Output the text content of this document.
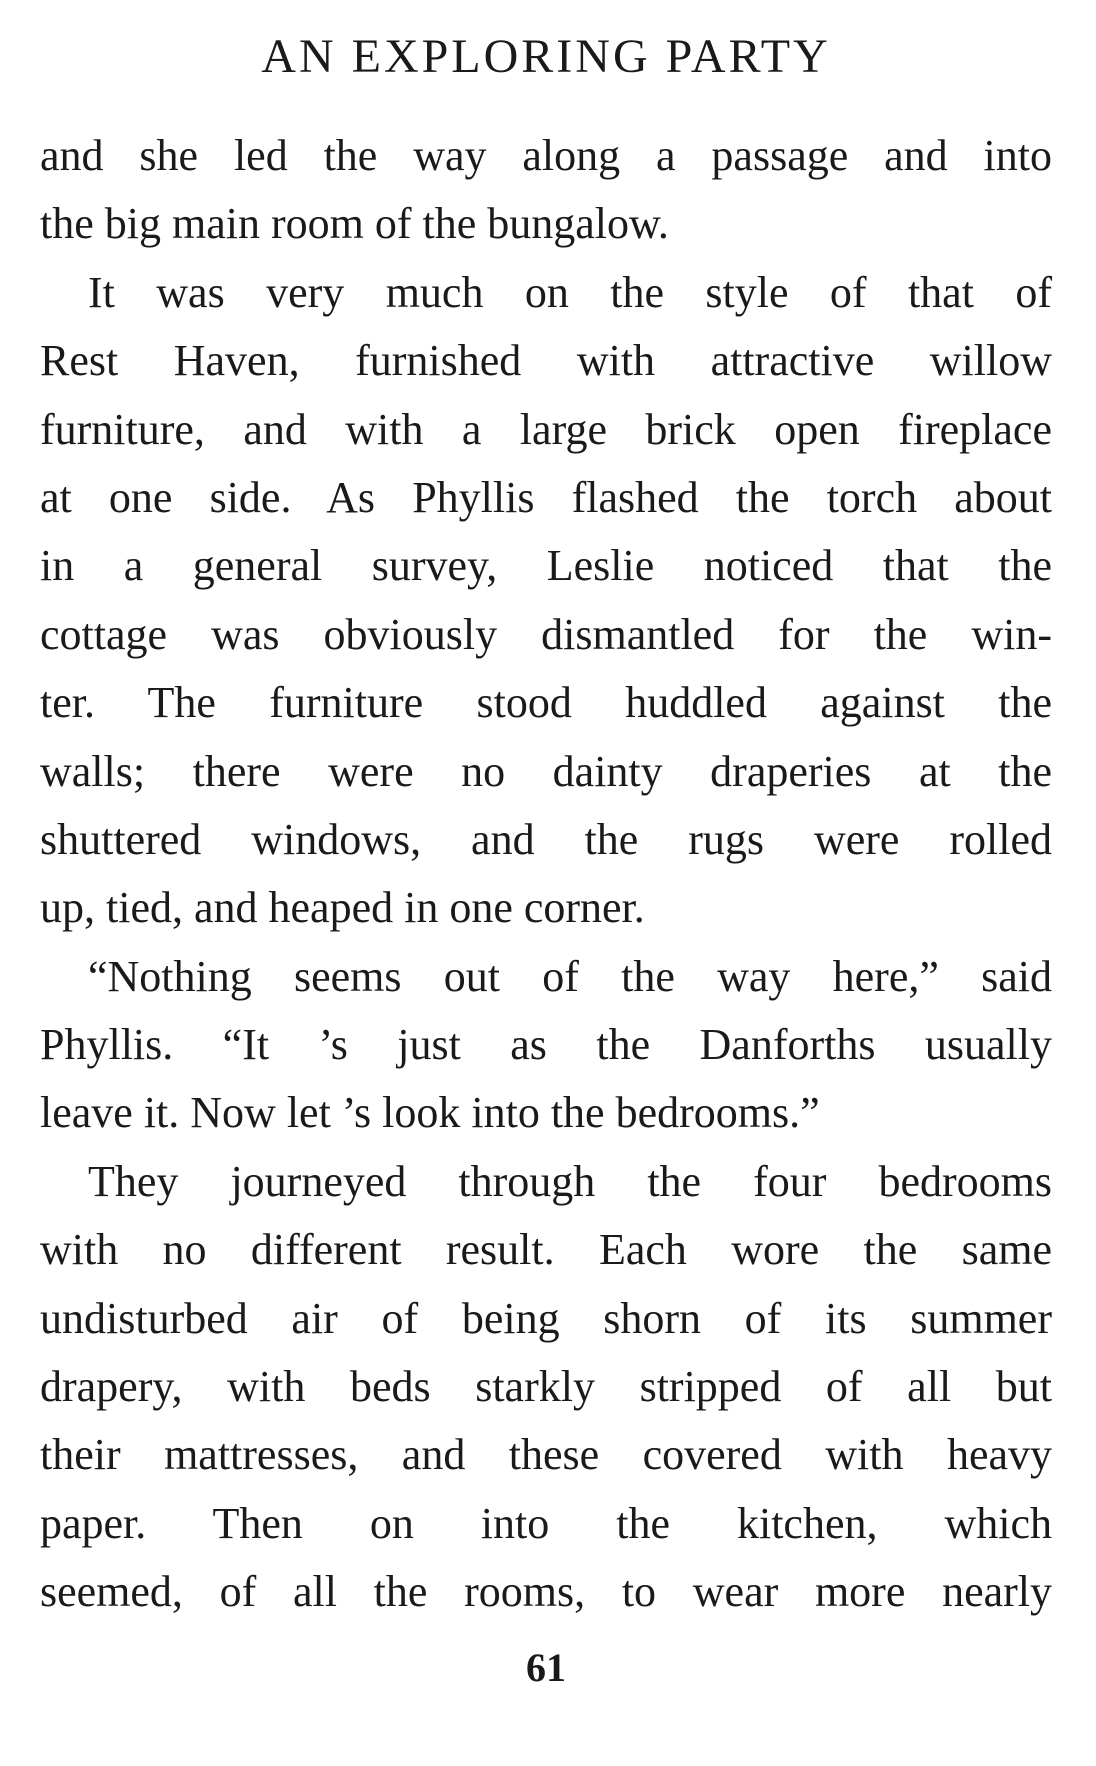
AN EXPLORING PARTY
and she led the way along a passage and into
the big main room of the bungalow.
It was very much on the style of that of
Rest Haven, furnished with attractive willow
furniture, and with a large brick open fireplace
at one side. As Phyllis flashed the torch about
in a general survey, Leslie noticed that the
cottage was obviously dismantled for the win-
ter. The furniture stood huddled against the
walls; there were no dainty draperies at the
shuttered windows, and the rugs were rolled
up, tied, and heaped in one corner.
“Nothing seems out of the way here,” said
Phyllis. “It ’s just as the Danforths usually
leave it. Now let ’s look into the bedrooms.”
They journeyed through the four bedrooms
with no different result. Each wore the same
undisturbed air of being shorn of its summer
drapery, with beds starkly stripped of all but
their mattresses, and these covered with heavy
paper. Then on into the kitchen, which
seemed, of all the rooms, to wear more nearly
61
